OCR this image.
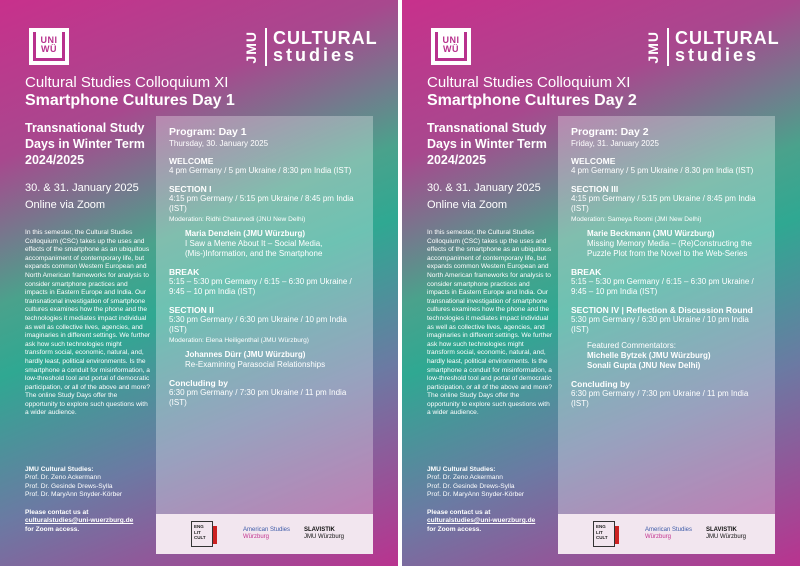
UNI
WÜ	JMU CULTURAL
studies
Cultural Studies Colloquium XI
Smartphone Cultures Day 1
Transnational Study Days in Winter Term 2024/2025
30. & 31. January 2025
Online via Zoom
In this semester, the Cultural Studies Colloquium (CSC) takes up the uses and effects of the smartphone as an ubiquitous accompaniment of contemporary life, but expands common Western European and North American frameworks for analysis to consider smartphone practices and impacts in Eastern Europe and India. Our transnational investigation of smartphone cultures examines how the phone and the technologies it mediates impact individual as well as collective lives, agencies, and imaginaries in different settings. We further ask how such technologies might transform social, economic, natural, and, hardly least, political environments. Is the smartphone a conduit for misinformation, a low-threshold tool and portal of democratic participation, or all of the above and more? The online Study Days offer the opportunity to explore such questions with a wider audience.
JMU Cultural Studies:
Prof. Dr. Zeno Ackermann
Prof. Dr. Gesinde Drews-Sylla
Prof. Dr. MaryAnn Snyder-Körber
Please contact us at
culturalstudies@uni-wuerzburg.de
for Zoom access.
Program: Day 1
Thursday, 30. January 2025
WELCOME
4 pm Germany / 5 pm Ukraine / 8:30 pm India (IST)
SECTION I
4:15 pm Germany / 5:15 pm Ukraine / 8:45 pm India (IST)
Moderation: Ridhi Chaturvedi (JNU New Delhi)
Maria Denzlein (JMU Würzburg)
I Saw a Meme About It – Social Media, (Mis-)Information, and the Smartphone
BREAK
5:15 – 5:30 pm Germany / 6:15 – 6:30 pm Ukraine / 9:45 – 10 pm India (IST)
SECTION II
5:30 pm Germany / 6:30 pm Ukraine / 10 pm India (IST)
Moderation: Elena Heiligenthal (JMU Würzburg)
Johannes Dürr (JMU Würzburg)
Re-Examining Parasocial Relationships
Concluding by
6:30 pm Germany / 7:30 pm Ukraine / 11 pm India (IST)
ENG
LIT
CULT
American Studies
Würzburg
SLAVISTIK
JMU Würzburg
UNI
WÜ	JMU CULTURAL
studies
Cultural Studies Colloquium XI
Smartphone Cultures Day 2
Transnational Study Days in Winter Term 2024/2025
30. & 31. January 2025
Online via Zoom
In this semester, the Cultural Studies Colloquium (CSC) takes up the uses and effects of the smartphone as an ubiquitous accompaniment of contemporary life, but expands common Western European and North American frameworks for analysis to consider smartphone practices and impacts in Eastern Europe and India. Our transnational investigation of smartphone cultures examines how the phone and the technologies it mediates impact individual as well as collective lives, agencies, and imaginaries in different settings. We further ask how such technologies might transform social, economic, natural, and, hardly least, political environments. Is the smartphone a conduit for misinformation, a low-threshold tool and portal of democratic participation, or all of the above and more? The online Study Days offer the opportunity to explore such questions with a wider audience.
JMU Cultural Studies:
Prof. Dr. Zeno Ackermann
Prof. Dr. Gesinde Drews-Sylla
Prof. Dr. MaryAnn Snyder-Körber
Please contact us at
culturalstudies@uni-wuerzburg.de
for Zoom access.
Program: Day 2
Friday, 31. January 2025
WELCOME
4 pm Germany / 5 pm Ukraine / 8.30 pm India (IST)
SECTION III
4:15 pm Germany / 5:15 pm Ukraine / 8:45 pm India (IST)
Moderation: Sameya Roomi (JMI New Delhi)
Marie Beckmann (JMU Würzburg)
Missing Memory Media – (Re)Constructing the Puzzle Plot from the Novel to the Web-Series
BREAK
5:15 – 5:30 pm Germany / 6:15 – 6:30 pm Ukraine / 9:45 – 10 pm India (IST)
SECTION IV | Reflection & Discussion Round
5:30 pm Germany / 6:30 pm Ukraine / 10 pm India (IST)
Featured Commentators:
Michelle Bytzek (JMU Würzburg)
Sonali Gupta (JNU New Delhi)
Concluding by
6:30 pm Germany / 7:30 pm Ukraine / 11 pm India (IST)
ENG
LIT
CULT
American Studies
Würzburg
SLAVISTIK
JMU Würzburg
